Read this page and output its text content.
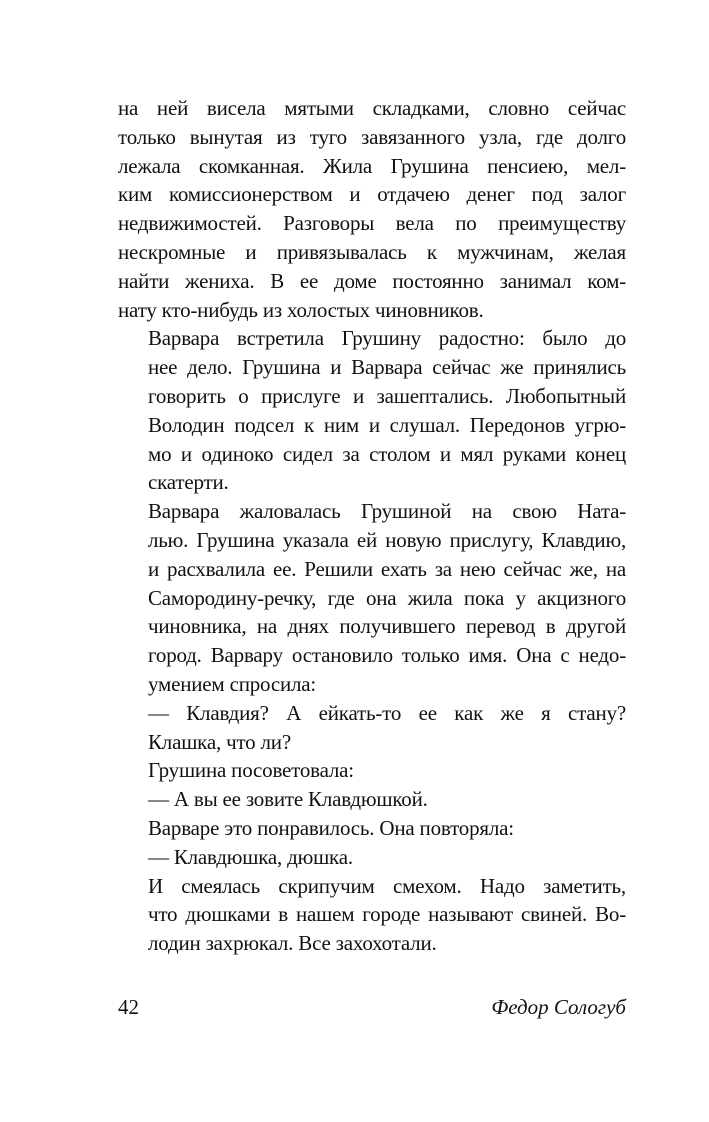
на ней висела мятыми складками, словно сейчас
только вынутая из туго завязанного узла, где долго
лежала скомканная. Жила Грушина пенсиею, мел-
ким комиссионерством и отдачею денег под залог
недвижимостей. Разговоры вела по преимуществу
нескромные и привязывалась к мужчинам, желая
найти жениха. В ее доме постоянно занимал ком-
нату кто-нибудь из холостых чиновников.

Варвара встретила Грушину радостно: было до
нее дело. Грушина и Варвара сейчас же принялись
говорить о прислуге и зашептались. Любопытный
Володин подсел к ним и слушал. Передонов угрю-
мо и одиноко сидел за столом и мял руками конец
скатерти.

Варвара жаловалась Грушиной на свою Ната-
лью. Грушина указала ей новую прислугу, Клавдию,
и расхвалила ее. Решили ехать за нею сейчас же, на
Самородину-речку, где она жила пока у акцизного
чиновника, на днях получившего перевод в другой
город. Варвару остановило только имя. Она с недо-
умением спросила:

— Клавдия? А ейкать-то ее как же я стану?
Клашка, что ли?

Грушина посоветовала:

— А вы ее зовите Клавдюшкой.

Варваре это понравилось. Она повторяла:

— Клавдюшка, дюшка.

И смеялась скрипучим смехом. Надо заметить,
что дюшками в нашем городе называют свиней. Во-
лодин захрюкал. Все захохотали.

42	Федор Сологуб
